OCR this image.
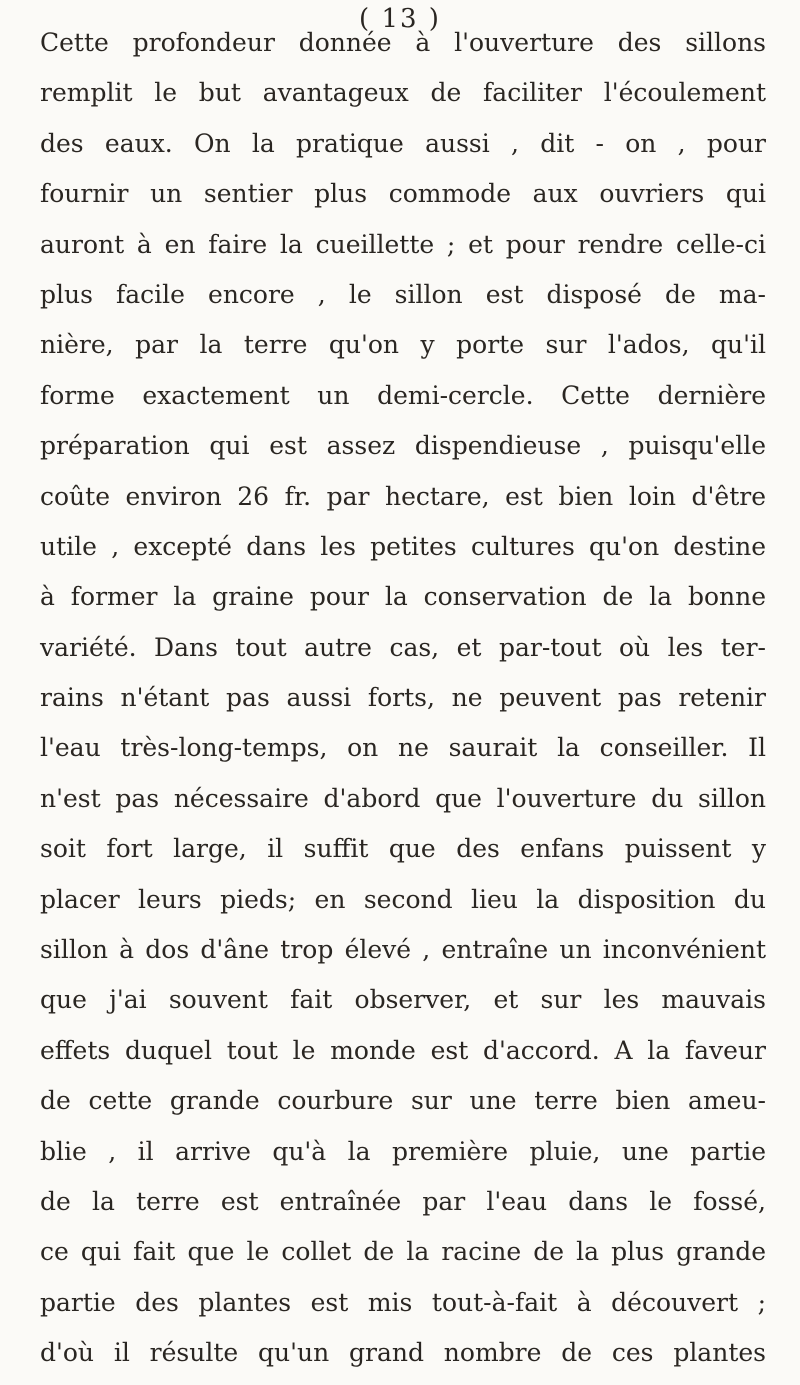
( 13 )
Cette profondeur donnée à l'ouverture des sillons
remplit le but avantageux de faciliter l'écoulement
des eaux. On la pratique aussi , dit - on , pour
fournir un sentier plus commode aux ouvriers qui
auront à en faire la cueillette ; et pour rendre celle-ci
plus facile encore , le sillon est disposé de ma-
nière, par la terre qu'on y porte sur l'ados, qu'il
forme exactement un demi-cercle. Cette dernière
préparation qui est assez dispendieuse , puisqu'elle
coûte environ 26 fr. par hectare, est bien loin d'être
utile , excepté dans les petites cultures qu'on destine
à former la graine pour la conservation de la bonne
variété. Dans tout autre cas, et par-tout où les ter-
rains n'étant pas aussi forts, ne peuvent pas retenir
l'eau très-long-temps, on ne saurait la conseiller. Il
n'est pas nécessaire d'abord que l'ouverture du sillon
soit fort large, il suffit que des enfans puissent y
placer leurs pieds; en second lieu la disposition du
sillon à dos d'âne trop élevé , entraîne un inconvénient
que j'ai souvent fait observer, et sur les mauvais
effets duquel tout le monde est d'accord. A la faveur
de cette grande courbure sur une terre bien ameu-
blie , il arrive qu'à la première pluie, une partie
de la terre est entraînée par l'eau dans le fossé,
ce qui fait que le collet de la racine de la plus grande
partie des plantes est mis tout-à-fait à découvert ;
d'où il résulte qu'un grand nombre de ces plantes
